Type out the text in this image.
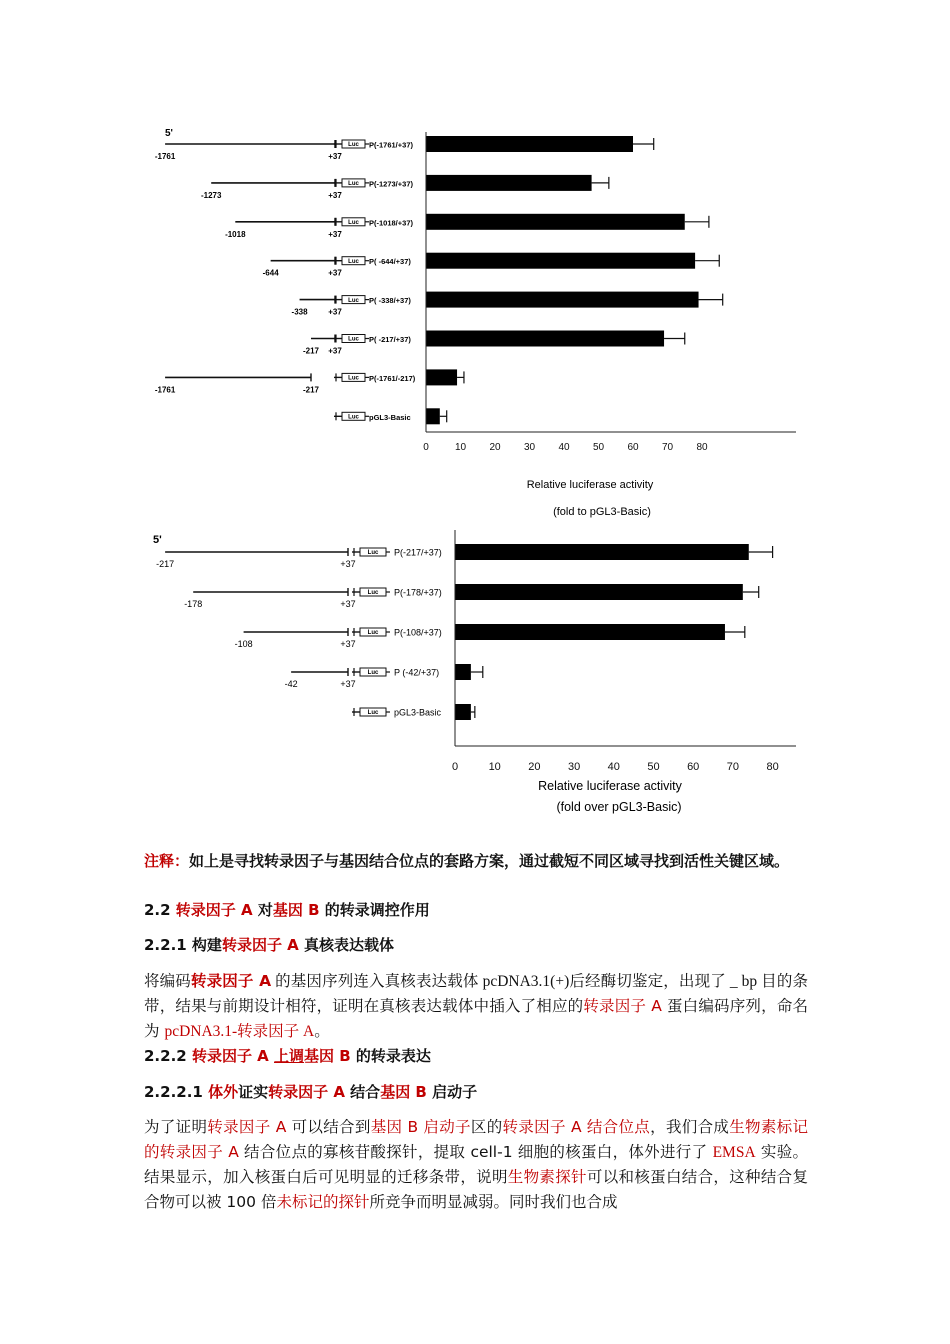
-1761	+37
Luc P(-1761/+37)
-1273	+37
Luc P(-1273/+37)
-1018	+37
Luc P(-1018/+37)
-644	+37
Luc P( -644/+37)
-338	+37
Luc P( -338/+37)
-217 +37
Luc P( -217/+37)
-1761	-217
Luc P(-1761/-217)
Luc pGL3-Basic
0	10 20 30 40 50 60 70 80
5'
Relative luciferase activity
(fold to pGL3-Basic)
-217	+37
Luc P(-217/+37)
-178	+37
Luc P(-178/+37)
-108	+37
Luc P(-108/+37)
-42	+37
Luc P (-42/+37)
Luc pGL3-Basic
0	10 20 30 40 50 60 70 80
5'
Relative luciferase activity
(fold over pGL3-Basic)

注释：如上是寻找转录因子与基因结合位点的套路方案，通过截短不同区域寻找到活性关键区域。

2.2 转录因子 A 对基因 B 的转录调控作用

2.2.1 构建转录因子 A 真核表达载体

将编码转录因子 A 的基因序列连入真核表达载体 pcDNA3.1(+)后经酶切鉴定，出现了 _ bp 目的条带，结果与前期设计相符，证明在真核表达载体中插入了相应的转录因子 A 蛋白编码序列，命名为 pcDNA3.1-转录因子 A。

2.2.2 转录因子 A 上调基因 B 的转录表达

2.2.2.1 体外证实转录因子 A 结合基因 B 启动子

为了证明转录因子 A 可以结合到基因 B 启动子区的转录因子 A 结合位点，我们合成生物素标记的转录因子 A 结合位点的寡核苷酸探针，提取 cell-1 细胞的核蛋白，体外进行了 EMSA 实验。结果显示，加入核蛋白后可见明显的迁移条带，说明生物素探针可以和核蛋白结合，这种结合复合物可以被 100 倍未标记的探针所竞争而明显减弱。同时我们也合成
